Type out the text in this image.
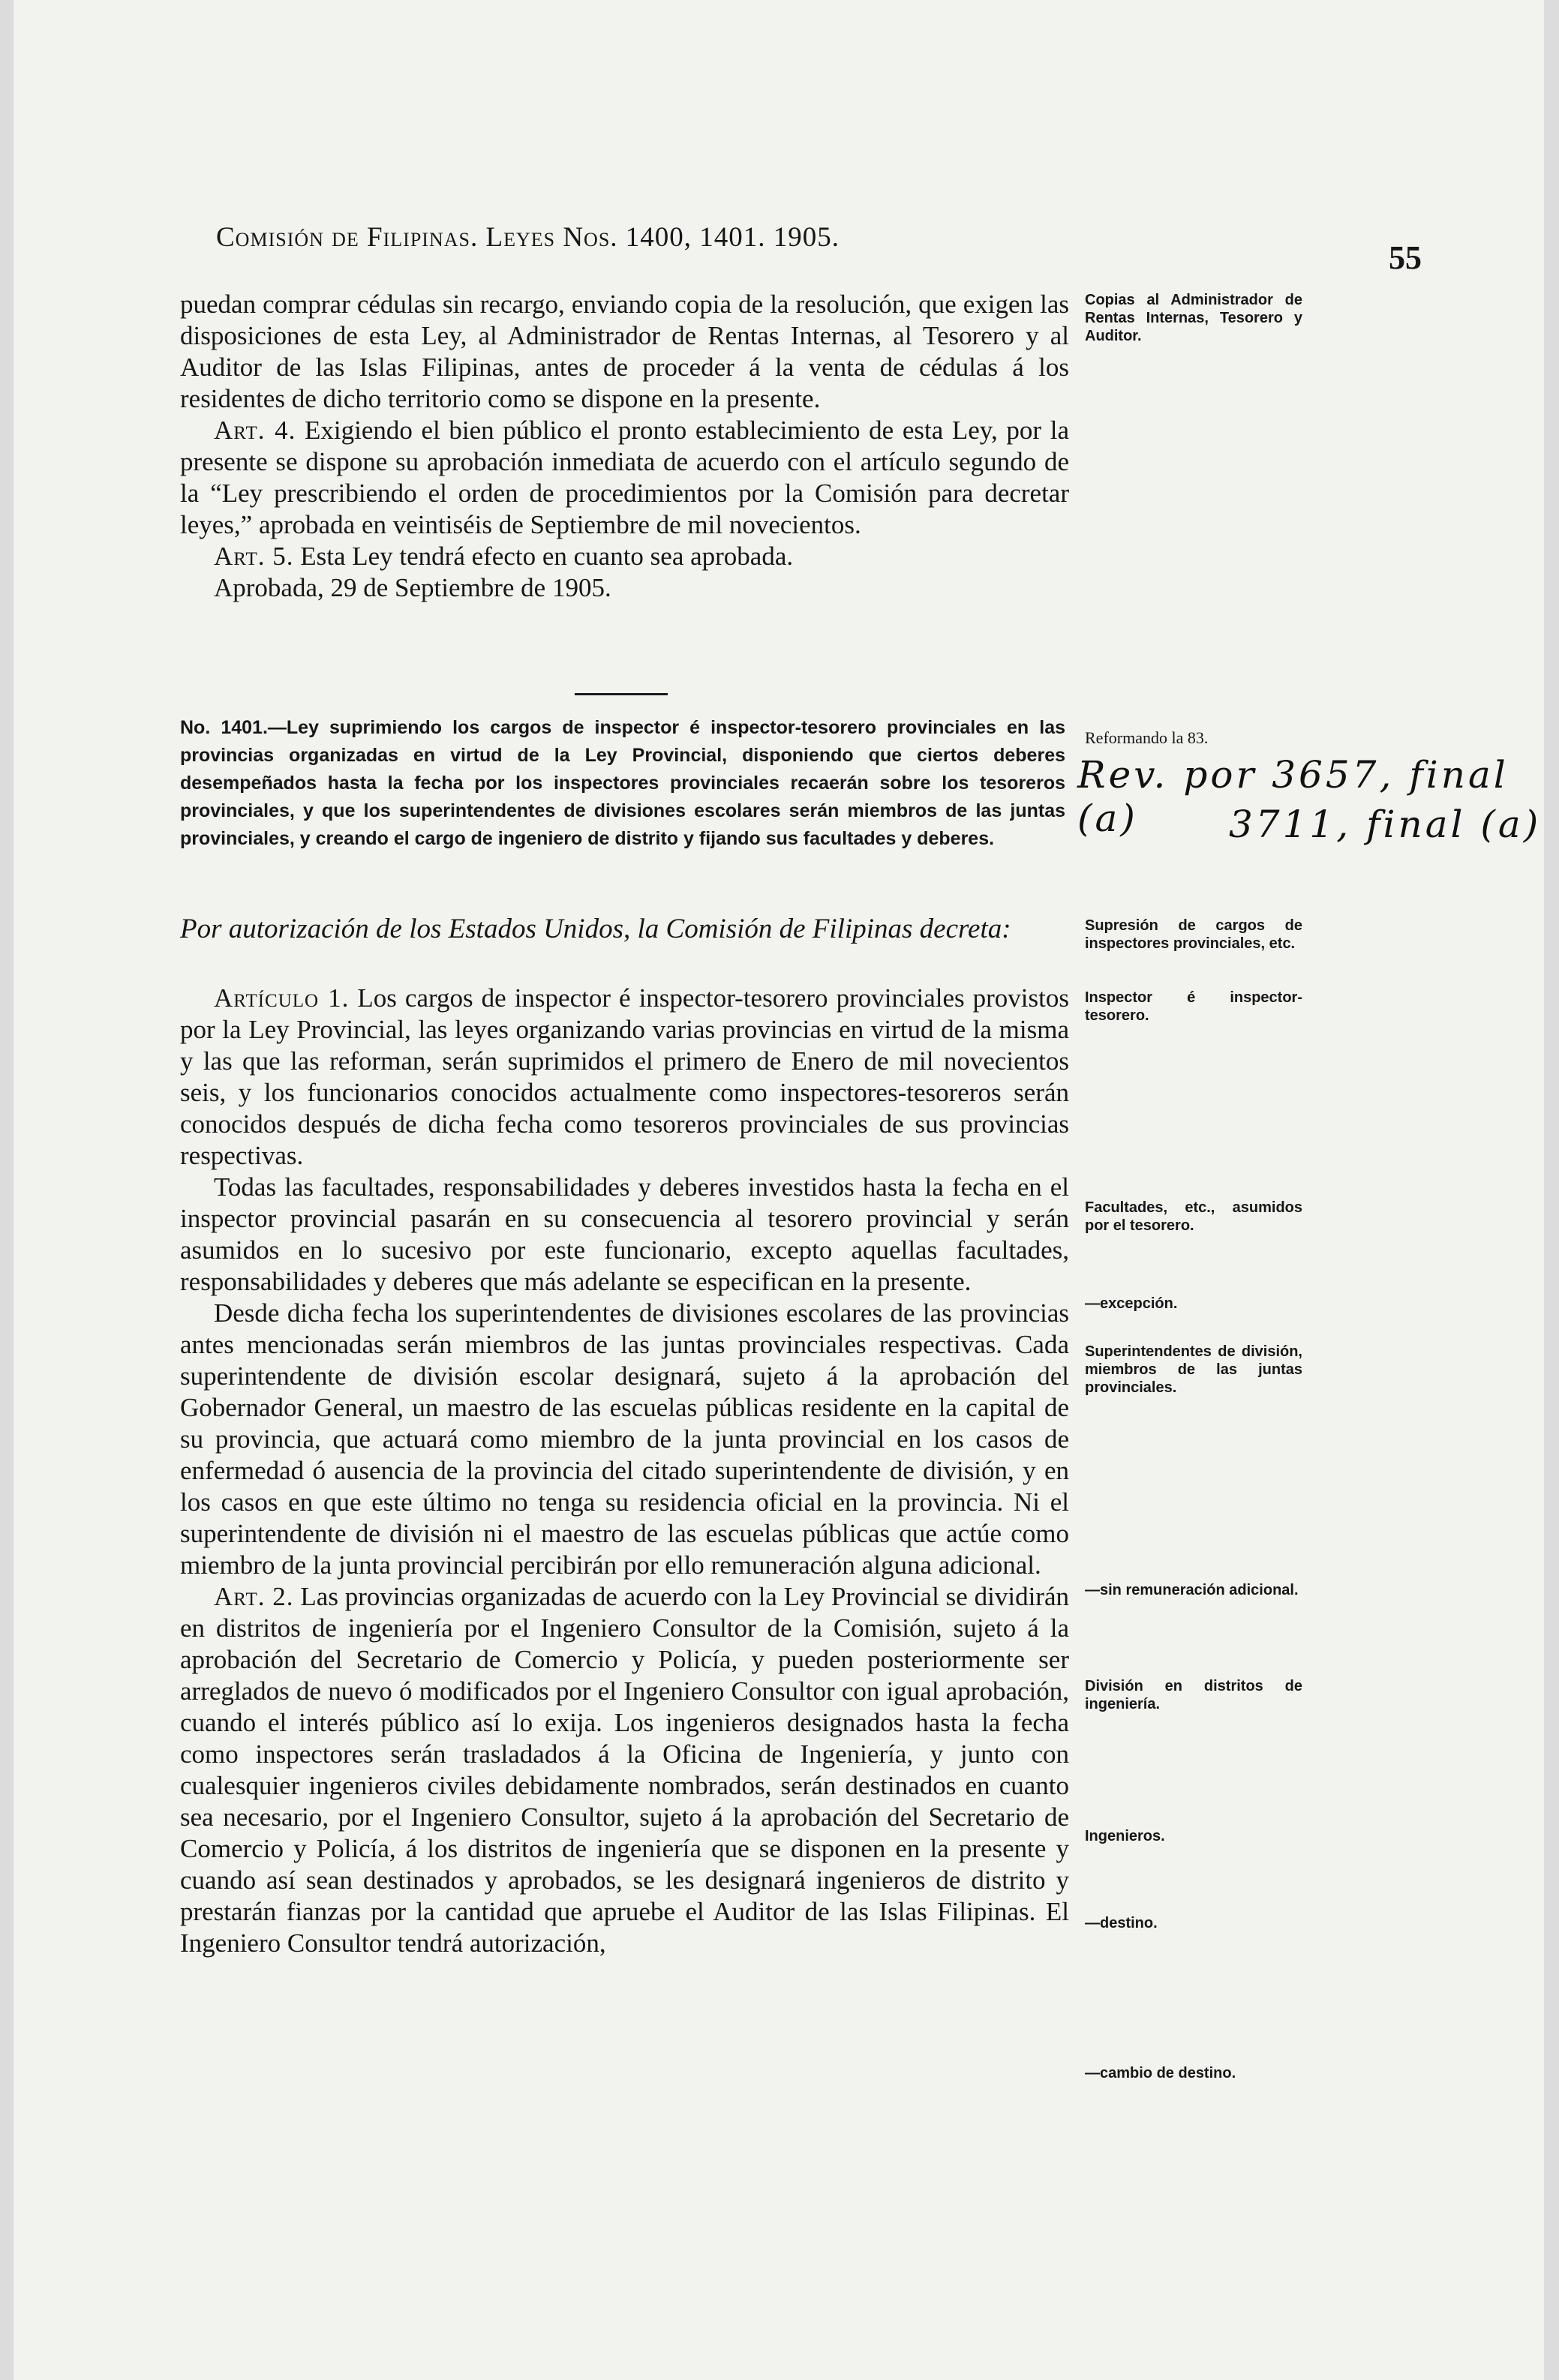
Comisión de Filipinas. Leyes Nos. 1400, 1401. 1905.
55

puedan comprar cédulas sin recargo, enviando copia de la resolución, que exigen las disposiciones de esta Ley, al Administrador de Rentas Internas, al Tesorero y al Auditor de las Islas Filipinas, antes de proceder á la venta de cédulas á los residentes de dicho territorio como se dispone en la presente.

Art. 4. Exigiendo el bien público el pronto establecimiento de esta Ley, por la presente se dispone su aprobación inmediata de acuerdo con el artículo segundo de la “Ley prescribiendo el orden de procedimientos por la Comisión para decretar leyes,” aprobada en veintiséis de Septiembre de mil novecientos.

Art. 5. Esta Ley tendrá efecto en cuanto sea aprobada.

Aprobada, 29 de Septiembre de 1905.

No. 1401.—Ley suprimiendo los cargos de inspector é inspector-tesorero provinciales en las provincias organizadas en virtud de la Ley Provincial, disponiendo que ciertos deberes desempeñados hasta la fecha por los inspectores provinciales recaerán sobre los tesoreros provinciales, y que los superintendentes de divisiones escolares serán miembros de las juntas provinciales, y creando el cargo de ingeniero de distrito y fijando sus facultades y deberes.
Por autorización de los Estados Unidos, la Comisión de Filipinas decreta:

Artículo 1. Los cargos de inspector é inspector-tesorero provinciales provistos por la Ley Provincial, las leyes organizando varias provincias en virtud de la misma y las que las reforman, serán suprimidos el primero de Enero de mil novecientos seis, y los funcionarios conocidos actualmente como inspectores-tesoreros serán conocidos después de dicha fecha como tesoreros provinciales de sus provincias respectivas.

Todas las facultades, responsabilidades y deberes investidos hasta la fecha en el inspector provincial pasarán en su consecuencia al tesorero provincial y serán asumidos en lo sucesivo por este funcionario, excepto aquellas facultades, responsabilidades y deberes que más adelante se especifican en la presente.

Desde dicha fecha los superintendentes de divisiones escolares de las provincias antes mencionadas serán miembros de las juntas provinciales respectivas. Cada superintendente de división escolar designará, sujeto á la aprobación del Gobernador General, un maestro de las escuelas públicas residente en la capital de su provincia, que actuará como miembro de la junta provincial en los casos de enfermedad ó ausencia de la provincia del citado superintendente de división, y en los casos en que este último no tenga su residencia oficial en la provincia. Ni el superintendente de división ni el maestro de las escuelas públicas que actúe como miembro de la junta provincial percibirán por ello remuneración alguna adicional.

Art. 2. Las provincias organizadas de acuerdo con la Ley Provincial se dividirán en distritos de ingeniería por el Ingeniero Consultor de la Comisión, sujeto á la aprobación del Secretario de Comercio y Policía, y pueden posteriormente ser arreglados de nuevo ó modificados por el Ingeniero Consultor con igual aprobación, cuando el interés público así lo exija. Los ingenieros designados hasta la fecha como inspectores serán trasladados á la Oficina de Ingeniería, y junto con cualesquier ingenieros civiles debidamente nombrados, serán destinados en cuanto sea necesario, por el Ingeniero Consultor, sujeto á la aprobación del Secretario de Comercio y Policía, á los distritos de ingeniería que se disponen en la presente y cuando así sean destinados y aprobados, se les designará ingenieros de distrito y prestarán fianzas por la cantidad que apruebe el Auditor de las Islas Filipinas. El Ingeniero Consultor tendrá autorización,

Copias al Administrador de Rentas Internas, Tesorero y Auditor.
Reformando la 83.
Supresión de cargos de inspectores provinciales, etc.
Inspector é inspector-tesorero.
Facultades, etc., asumidos por el tesorero.
—excepción.
Superintendentes de división, miembros de las juntas provinciales.
—sin remuneración adicional.
División en distritos de ingeniería.
Ingenieros.
—destino.
—cambio de destino.
Rev. por 3657, final (a)	3711, final (a)
